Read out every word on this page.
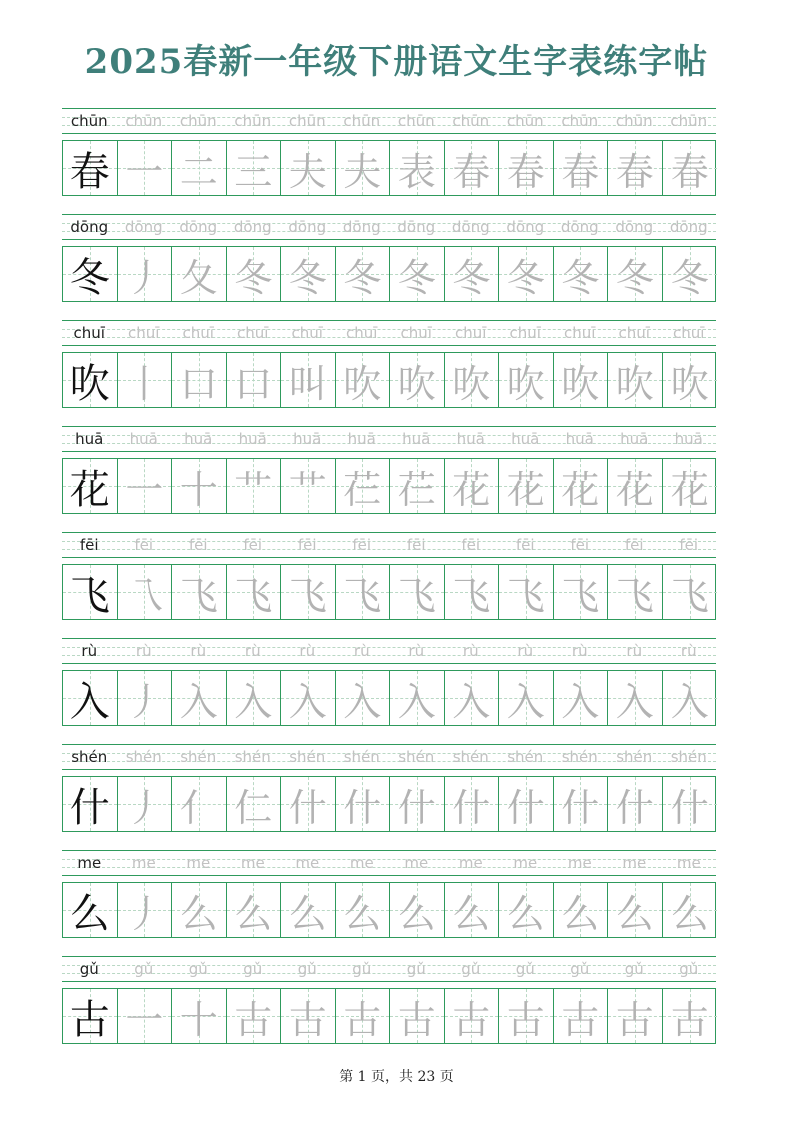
2025春新一年级下册语文生字表练字帖
chūn	chūn	chūn	chūn	chūn	chūn	chūn	chūn	chūn	chūn	chūn	chūn
春 一 二 三 夫 夫 表 春 春 春 春 春
dōng	dōng	dōng	dōng	dōng	dōng	dōng	dōng	dōng	dōng	dōng	dōng
冬 丿 夂 冬 冬 冬 冬 冬 冬 冬 冬 冬
chuī	chuī	chuī	chuī	chuī	chuī	chuī	chuī	chuī	chuī	chuī	chuī
吹 丨 口 口 叫 吹 吹 吹 吹 吹 吹 吹
huā	huā	huā	huā	huā	huā	huā	huā	huā	huā	huā	huā
花 一 十 艹 艹 芢 芢 花 花 花 花 花
fēi	fēi	fēi	fēi	fēi	fēi	fēi	fēi	fēi	fēi	fēi	fēi
飞 乁 飞 飞 飞 飞 飞 飞 飞 飞 飞 飞
rù	rù	rù	rù	rù	rù	rù	rù	rù	rù	rù	rù
入 丿 入 入 入 入 入 入 入 入 入 入
shén	shén	shén	shén	shén	shén	shén	shén	shén	shén	shén	shén
什 丿 亻 仁 什 什 什 什 什 什 什 什
me	me	me	me	me	me	me	me	me	me	me	me
么 丿 么 么 么 么 么 么 么 么 么 么
gǔ	gǔ	gǔ	gǔ	gǔ	gǔ	gǔ	gǔ	gǔ	gǔ	gǔ	gǔ
古 一 十 古 古 古 古 古 古 古 古 古
第 1 页，共 23 页
